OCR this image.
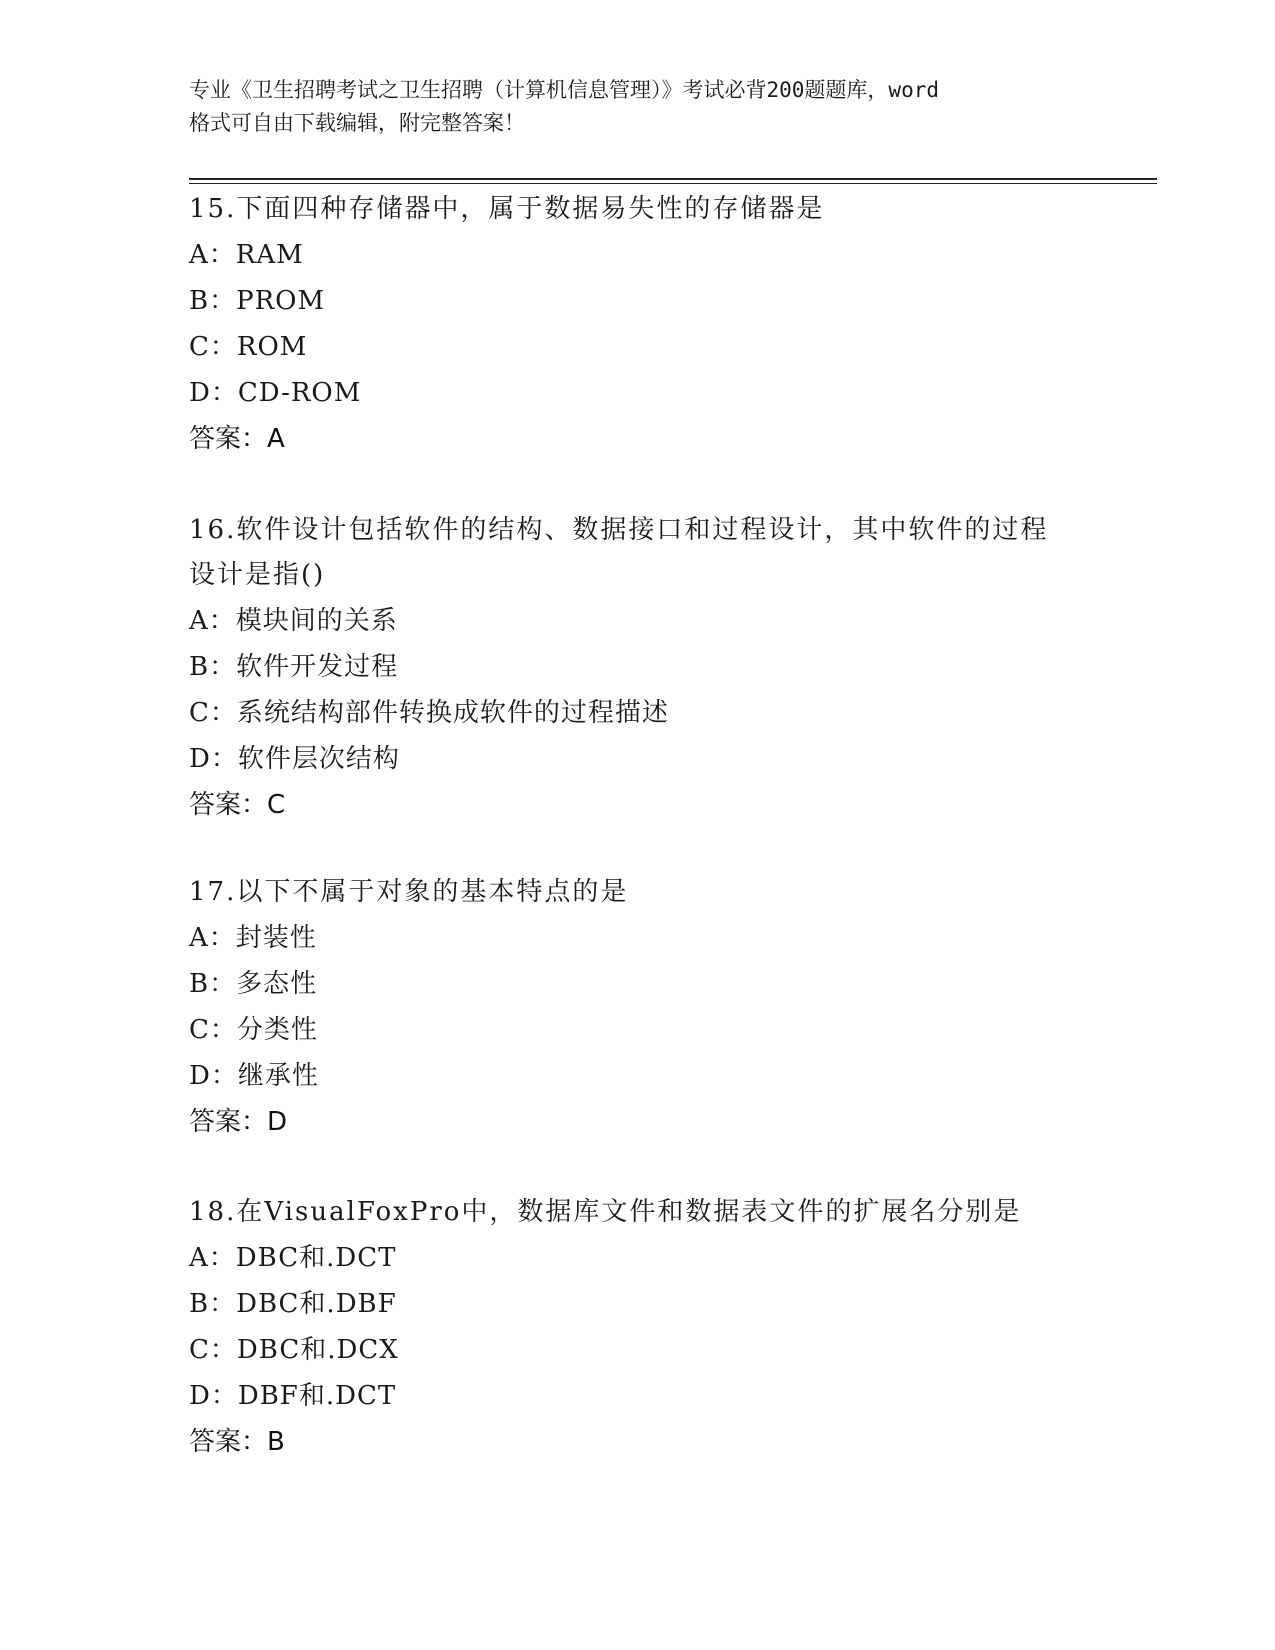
专业《卫生招聘考试之卫生招聘（计算机信息管理）》考试必背200题题库，word
格式可自由下载编辑，附完整答案！
15.下面四种存储器中，属于数据易失性的存储器是
A：RAM
B：PROM
C：ROM
D：CD-ROM
答案：A
16.软件设计包括软件的结构、数据接口和过程设计，其中软件的过程
设计是指()
A：模块间的关系
B：软件开发过程
C：系统结构部件转换成软件的过程描述
D：软件层次结构
答案：C
17.以下不属于对象的基本特点的是
A：封装性
B：多态性
C：分类性
D：继承性
答案：D
18.在VisualFoxPro中，数据库文件和数据表文件的扩展名分别是
A：DBC和.DCT
B：DBC和.DBF
C：DBC和.DCX
D：DBF和.DCT
答案：B
